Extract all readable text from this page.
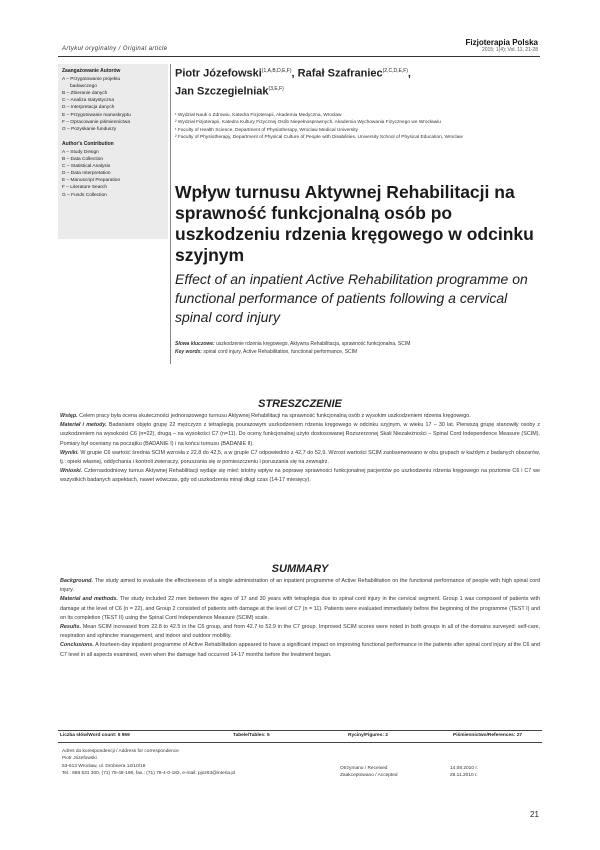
Artykuł oryginalny / Original article
Fizjoterapia Polska
2015; 1(4); Vol. 11, 21-28
Zaangażowanie Autorów
A – Przygotowanie projektu
badawczego
B – Zbieranie danych
C – Analiza statystyczna
D – Interpretacja danych
E – Przygotowanie manuskryptu
F – Opracowanie piśmiennictwa
G – Pozyskanie funduszy
Author's Contribution
A – Study Design
B – Data Collection
C – Statistical Analysis
D – Data Interpretation
E – Manuscript Preparation
F – Literature Search
G – Funds Collection
Piotr Józefowski$^{(1,A,B,D,E,F)}$, Rafał Szafraniec$^{(2,C,D,E,F)}$,
Jan Szczegielniak$^{(3,E,F)}$
¹ Wydział Nauk o Zdrowiu, Katedra Fizjoterapii, Akademia Medyczna, Wrocław
² Wydział Fizjoterapii, Katedra Kultury Fizycznej Osób Niepełnosprawnych, Akademia Wychowania Fizycznego we Wrocławiu
¹ Faculty of Health Science, Department of Physiotherapy, Wroclaw Medical University
² Faculty of Physiotherapy, Department of Physical Culture of People with Disabilities, University School of Physical Education, Wroclaw
Wpływ turnusu Aktywnej Rehabilitacji na sprawność funkcjonalną osób po uszkodzeniu rdzenia kręgowego w odcinku szyjnym
Effect of an inpatient Active Rehabilitation programme on functional performance of patients following a cervical spinal cord injury
Słowa kluczowe: uszkodzenie rdzenia kręgowego, Aktywna Rehabilitacja, sprawność funkcjonalna, SCIM
Key words: spinal cord injury, Active Rehabilitation, functional performance, SCIM
STRESZCZENIE
Wstęp. Celem pracy była ocena skuteczności jednorazowego turnusu Aktywnej Rehabilitacji na sprawność funkcjonalną osób z wysokim uszkodzeniem rdzenia kręgowego.
Materiał i metody. Badaniami objęto grupę 22 mężczyzn z tetraplegią pourazowym uszkodzeniem rdzenia kręgowego w odcinku szyjnym, w wieku 17 – 30 lat. Pierwszą grupę stanowiły osoby z uszkodzeniem na wysokości C6 (n=22), drugą – na wysokości C7 (n=11). Do oceny funkcjonalnej użyto dostosowanej Rozszerzonej Skali Niezależności – Spinal Cord Independence Measure (SCIM). Pomiary był oceniany na początku (BADANIE I) i na końcu turnusu (BADANIE II).
Wyniki. W grupie C6 wartość średnia SCIM wzrosła z 22,8 do 42,5, a w grupie C7 odpowiednio z 42,7 do 52,9. Wzrost wartości SCIM zaobserwowano w obu grupach w każdym z badanych obszarów, tj.: opieki własnej, oddychania i kontroli zwieraczy, poruszania się w pomieszczeniu i poruszania się na zewnątrz.
Wnioski. Czternastodniowy turnus Aktywnej Rehabilitacji wydaje się mieć istotny wpływ na poprawę sprawności funkcjonalnej pacjentów po uszkodzeniu rdzenia kręgowego na poziomie C6 i C7 we wszystkich badanych aspektach, nawet wówczas, gdy od uszkodzenia minął długi czas (14-17 miesięcy).
SUMMARY
Background. The study aimed to evaluate the effectiveness of a single administration of an inpatient programme of Active Rehabilitation on the functional performance of people with high spinal cord injury.
Material and methods. The study included 22 men between the ages of 17 and 30 years with tetraplegia due to spinal cord injury in the cervical segment. Group 1 was composed of patients with damage at the level of C6 (n = 22), and Group 2 consisted of patients with damage at the level of C7 (n = 11). Patients were evaluated immediately before the beginning of the programme (TEST I) and on its completion (TEST II) using the Spinal Cord Independence Measure (SCIM) scale.
Results. Mean SCIM increased from 22.8 to 42.5 in the C6 group, and from 42.7 to 52.9 in the C7 group. Improved SCIM scores were noted in both groups in all of the domains surveyed: self-care, respiration and sphincter management, and indoor and outdoor mobility.
Conclusions. A fourteen-day inpatient programme of Active Rehabilitation appeared to have a significant impact on improving functional performance in the patients after spinal cord injury at the C6 and C7 level in all aspects examined, even when the damage had occurred 14-17 months before the treatment began.
Liczba słów/Word count: 5 959	Tabele/Tables: 5	Ryciny/Figures: 2	Piśmiennictwo/References: 27
Adres do korespondencji / Address for correspondence
Piotr Józefowski
53-613 Wrocław, ul. Drobnera 12/10/18
Tel.: 888 531 300, (71) 78-48-196, fax.: (71) 78-4-0-182, e-mail: pjoz63@interia.pl
Otrzymano / Received	14.08.2010 r.
Zaakceptowano / Accepted	28.11.2010 r.
21
